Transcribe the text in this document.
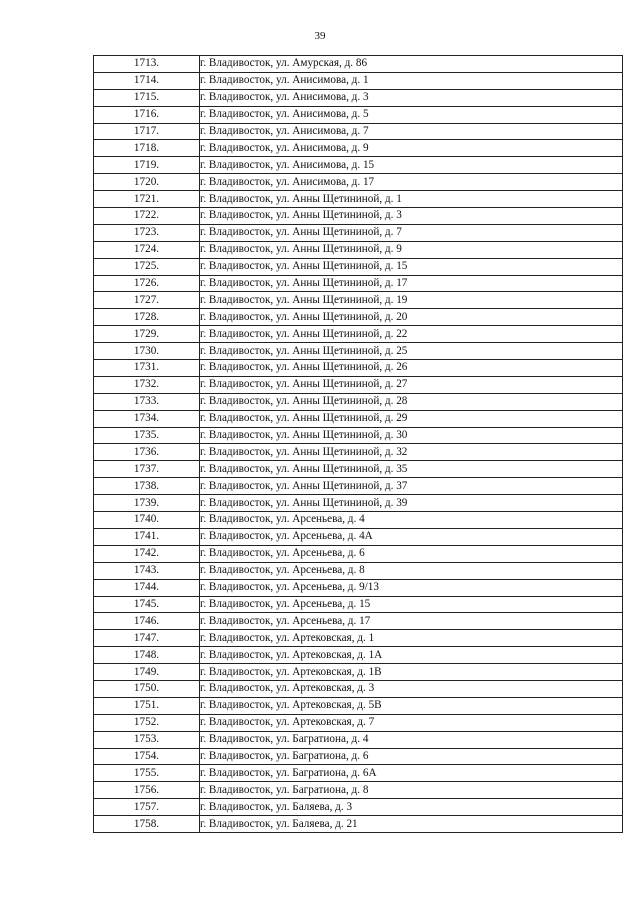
39
1713.	г. Владивосток, ул. Амурская, д. 86
1714.	г. Владивосток, ул. Анисимова, д. 1
1715.	г. Владивосток, ул. Анисимова, д. 3
1716.	г. Владивосток, ул. Анисимова, д. 5
1717.	г. Владивосток, ул. Анисимова, д. 7
1718.	г. Владивосток, ул. Анисимова, д. 9
1719.	г. Владивосток, ул. Анисимова, д. 15
1720.	г. Владивосток, ул. Анисимова, д. 17
1721.	г. Владивосток, ул. Анны Щетининой, д. 1
1722.	г. Владивосток, ул. Анны Щетининой, д. 3
1723.	г. Владивосток, ул. Анны Щетининой, д. 7
1724.	г. Владивосток, ул. Анны Щетининой, д. 9
1725.	г. Владивосток, ул. Анны Щетининой, д. 15
1726.	г. Владивосток, ул. Анны Щетининой, д. 17
1727.	г. Владивосток, ул. Анны Щетининой, д. 19
1728.	г. Владивосток, ул. Анны Щетининой, д. 20
1729.	г. Владивосток, ул. Анны Щетининой, д. 22
1730.	г. Владивосток, ул. Анны Щетининой, д. 25
1731.	г. Владивосток, ул. Анны Щетининой, д. 26
1732.	г. Владивосток, ул. Анны Щетининой, д. 27
1733.	г. Владивосток, ул. Анны Щетининой, д. 28
1734.	г. Владивосток, ул. Анны Щетининой, д. 29
1735.	г. Владивосток, ул. Анны Щетининой, д. 30
1736.	г. Владивосток, ул. Анны Щетининой, д. 32
1737.	г. Владивосток, ул. Анны Щетининой, д. 35
1738.	г. Владивосток, ул. Анны Щетининой, д. 37
1739.	г. Владивосток, ул. Анны Щетининой, д. 39
1740.	г. Владивосток, ул. Арсеньева, д. 4
1741.	г. Владивосток, ул. Арсеньева, д. 4А
1742.	г. Владивосток, ул. Арсеньева, д. 6
1743.	г. Владивосток, ул. Арсеньева, д. 8
1744.	г. Владивосток, ул. Арсеньева, д. 9/13
1745.	г. Владивосток, ул. Арсеньева, д. 15
1746.	г. Владивосток, ул. Арсеньева, д. 17
1747.	г. Владивосток, ул. Артековская, д. 1
1748.	г. Владивосток, ул. Артековская, д. 1А
1749.	г. Владивосток, ул. Артековская, д. 1В
1750.	г. Владивосток, ул. Артековская, д. 3
1751.	г. Владивосток, ул. Артековская, д. 5В
1752.	г. Владивосток, ул. Артековская, д. 7
1753.	г. Владивосток, ул. Багратиона, д. 4
1754.	г. Владивосток, ул. Багратиона, д. 6
1755.	г. Владивосток, ул. Багратиона, д. 6А
1756.	г. Владивосток, ул. Багратиона, д. 8
1757.	г. Владивосток, ул. Баляева, д. 3
1758.	г. Владивосток, ул. Баляева, д. 21
